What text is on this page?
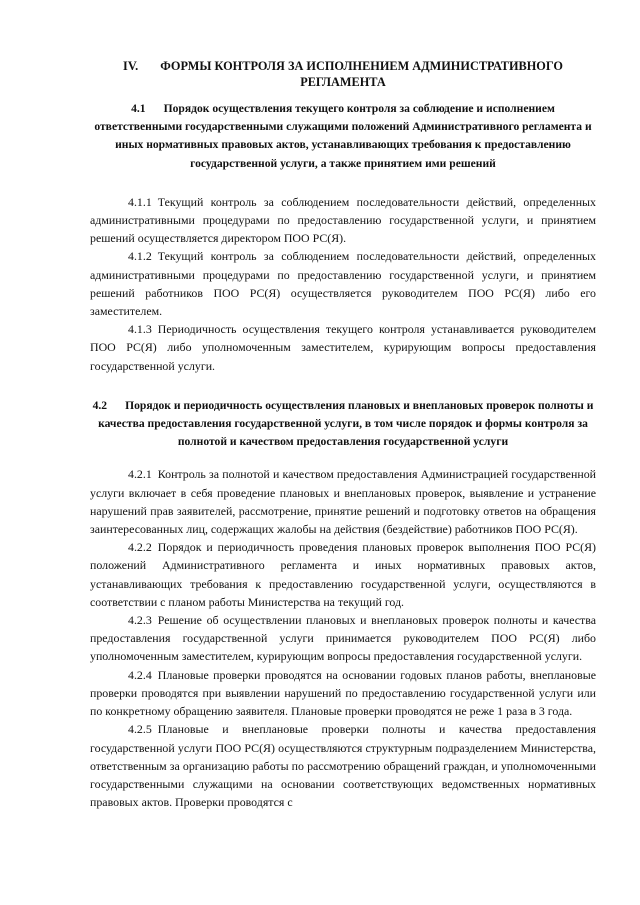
IV. ФОРМЫ КОНТРОЛЯ ЗА ИСПОЛНЕНИЕМ АДМИНИСТРАТИВНОГО РЕГЛАМЕНТА
4.1 Порядок осуществления текущего контроля за соблюдение и исполнением ответственными государственными служащими положений Административного регламента и иных нормативных правовых актов, устанавливающих требования к предоставлению государственной услуги, а также принятием ими решений

4.1.1 Текущий контроль за соблюдением последовательности действий, определенных административными процедурами по предоставлению государственной услуги, и принятием решений осуществляется директором ПОО РС(Я).

4.1.2 Текущий контроль за соблюдением последовательности действий, определенных административными процедурами по предоставлению государственной услуги, и принятием решений работников ПОО РС(Я) осуществляется руководителем ПОО РС(Я) либо его заместителем.

4.1.3 Периодичность осуществления текущего контроля устанавливается руководителем ПОО РС(Я) либо уполномоченным заместителем, курирующим вопросы предоставления государственной услуги.

4.2 Порядок и периодичность осуществления плановых и внеплановых проверок полноты и качества предоставления государственной услуги, в том числе порядок и формы контроля за полнотой и качеством предоставления государственной услуги

4.2.1 Контроль за полнотой и качеством предоставления Администрацией государственной услуги включает в себя проведение плановых и внеплановых проверок, выявление и устранение нарушений прав заявителей, рассмотрение, принятие решений и подготовку ответов на обращения заинтересованных лиц, содержащих жалобы на действия (бездействие) работников ПОО РС(Я).

4.2.2 Порядок и периодичность проведения плановых проверок выполнения ПОО РС(Я) положений Административного регламента и иных нормативных правовых актов, устанавливающих требования к предоставлению государственной услуги, осуществляются в соответствии с планом работы Министерства на текущий год.

4.2.3 Решение об осуществлении плановых и внеплановых проверок полноты и качества предоставления государственной услуги принимается руководителем ПОО РС(Я) либо уполномоченным заместителем, курирующим вопросы предоставления государственной услуги.

4.2.4 Плановые проверки проводятся на основании годовых планов работы, внеплановые проверки проводятся при выявлении нарушений по предоставлению государственной услуги или по конкретному обращению заявителя. Плановые проверки проводятся не реже 1 раза в 3 года.

4.2.5 Плановые и внеплановые проверки полноты и качества предоставления государственной услуги ПОО РС(Я) осуществляются структурным подразделением Министерства, ответственным за организацию работы по рассмотрению обращений граждан, и уполномоченными государственными служащими на основании соответствующих ведомственных нормативных правовых актов. Проверки проводятся с
